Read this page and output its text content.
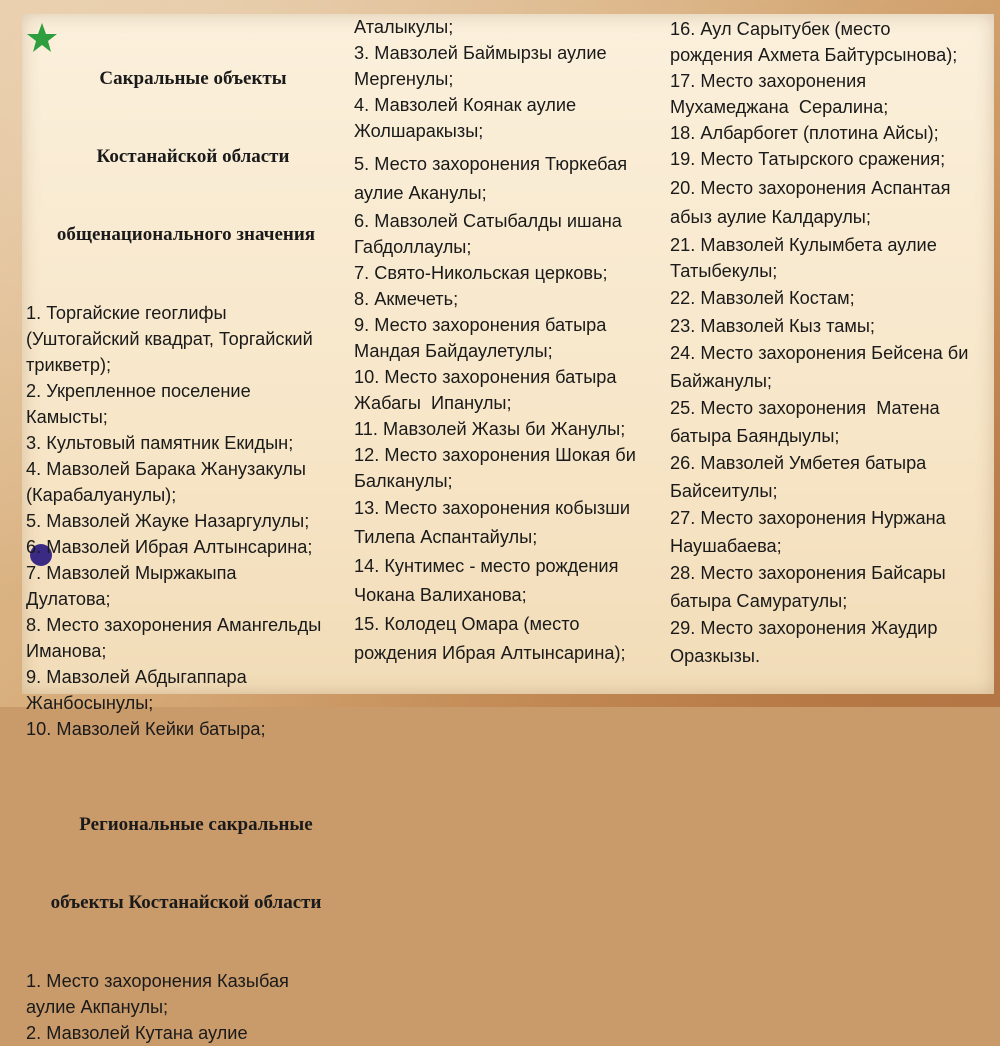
Сакральные объекты

Костанайской области

общенационального значения

1. Торгайские геоглифы
(Уштогайский квадрат, Торгайский
трикветр);
2. Укрепленное поселение
Камысты;
3. Культовый памятник Екидын;
4. Мавзолей Барака Жанузакулы
(Карабалуанулы);
5. Мавзолей Жауке Назаргулулы;
6. Мавзолей Ибрая Алтынсарина;
7. Мавзолей Мыржакыпа
Дулатова;
8. Место захоронения Амангельды
Иманова;
9. Мавзолей Абдыгаппара
Жанбосынулы;
10. Мавзолей Кейки батыра;

Региональные сакральные

объекты Костанайской области

1. Место захоронения Казыбая
аулие Акпанулы;
2. Мавзолей Кутана аулие
Аталыкулы;
3. Мавзолей Баймырзы аулие
Мергенулы;
4. Мавзолей Коянак аулие
Жолшаракызы;
5. Место захоронения Тюркебая
аулие Аканулы;
6. Мавзолей Сатыбалды ишана
Габдоллаулы;
7. Свято-Никольская церковь;
8. Акмечеть;
9. Место захоронения батыра
Мандая Байдаулетулы;
10. Место захоронения батыра
Жабагы  Ипанулы;
11. Мавзолей Жазы би Жанулы;
12. Место захоронения Шокая би
Балканулы;
13. Место захоронения кобызши
Тилепа Аспантайулы;
14. Кунтимес - место рождения
Чокана Валиханова;
15. Колодец Омара (место
рождения Ибрая Алтынсарина);
16. Аул Сарытубек (место
рождения Ахмета Байтурсынова);
17. Место захоронения
Мухамеджана  Сералина;
18. Албарбогет (плотина Айсы);
19. Место Татырского сражения;
20. Место захоронения Аспантая
абыз аулие Калдарулы;
21. Мавзолей Кулымбета аулие
Татыбекулы;
22. Мавзолей Костам;
23. Мавзолей Кыз тамы;
24. Место захоронения Бейсена би
Байжанулы;
25. Место захоронения  Матена
батыра Баяндыулы;
26. Мавзолей Умбетея батыра
Байсеитулы;
27. Место захоронения Нуржана
Наушабаева;
28. Место захоронения Байсары
батыра Самуратулы;
29. Место захоронения Жаудир
Оразкызы.
